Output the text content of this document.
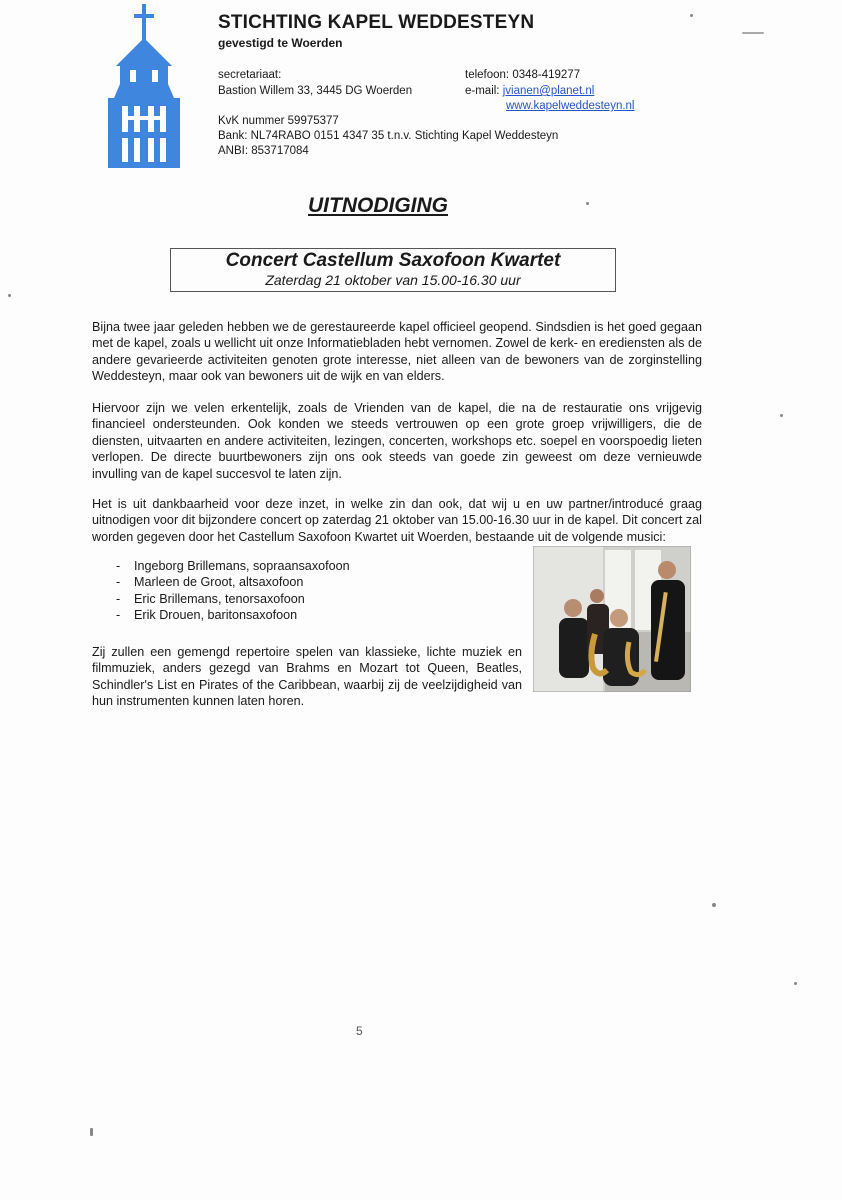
STICHTING KAPEL WEDDESTEYN
gevestigd te Woerden
secretariaat:
Bastion Willem 33, 3445 DG Woerden
telefoon: 0348-419277
e-mail: jvianen@planet.nl
www.kapelweddesteyn.nl
KvK nummer 59975377
Bank: NL74RABO 0151 4347 35 t.n.v. Stichting Kapel Weddesteyn
ANBI: 853717084
UITNODIGING
Concert Castellum Saxofoon Kwartet
Zaterdag 21 oktober van 15.00-16.30 uur
Bijna twee jaar geleden hebben we de gerestaureerde kapel officieel geopend. Sindsdien is het goed gegaan met de kapel, zoals u wellicht uit onze Informatiebladen hebt vernomen. Zowel de kerk- en erediensten als de andere gevarieerde activiteiten genoten grote interesse, niet alleen van de bewoners van de zorginstelling Weddesteyn, maar ook van bewoners uit de wijk en van elders.
Hiervoor zijn we velen erkentelijk, zoals de Vrienden van de kapel, die na de restauratie ons vrijgevig financieel ondersteunden. Ook konden we steeds vertrouwen op een grote groep vrijwilligers, die de diensten, uitvaarten en andere activiteiten, lezingen, concerten, workshops etc. soepel en voorspoedig lieten verlopen. De directe buurtbewoners zijn ons ook steeds van goede zin geweest om deze vernieuwde invulling van de kapel succesvol te laten zijn.
Het is uit dankbaarheid voor deze inzet, in welke zin dan ook, dat wij u en uw partner/introducé graag uitnodigen voor dit bijzondere concert op zaterdag 21 oktober van 15.00-16.30 uur in de kapel. Dit concert zal worden gegeven door het Castellum Saxofoon Kwartet uit Woerden, bestaande uit de volgende musici:
- Ingeborg Brillemans, sopraansaxofoon
- Marleen de Groot, altsaxofoon
- Eric Brillemans, tenorsaxofoon
- Erik Drouen, baritonsaxofoon
Zij zullen een gemengd repertoire spelen van klassieke, lichte muziek en filmmuziek, anders gezegd van Brahms en Mozart tot Queen, Beatles, Schindler's List en Pirates of the Caribbean, waarbij zij de veelzijdigheid van hun instrumenten kunnen laten horen.
5
